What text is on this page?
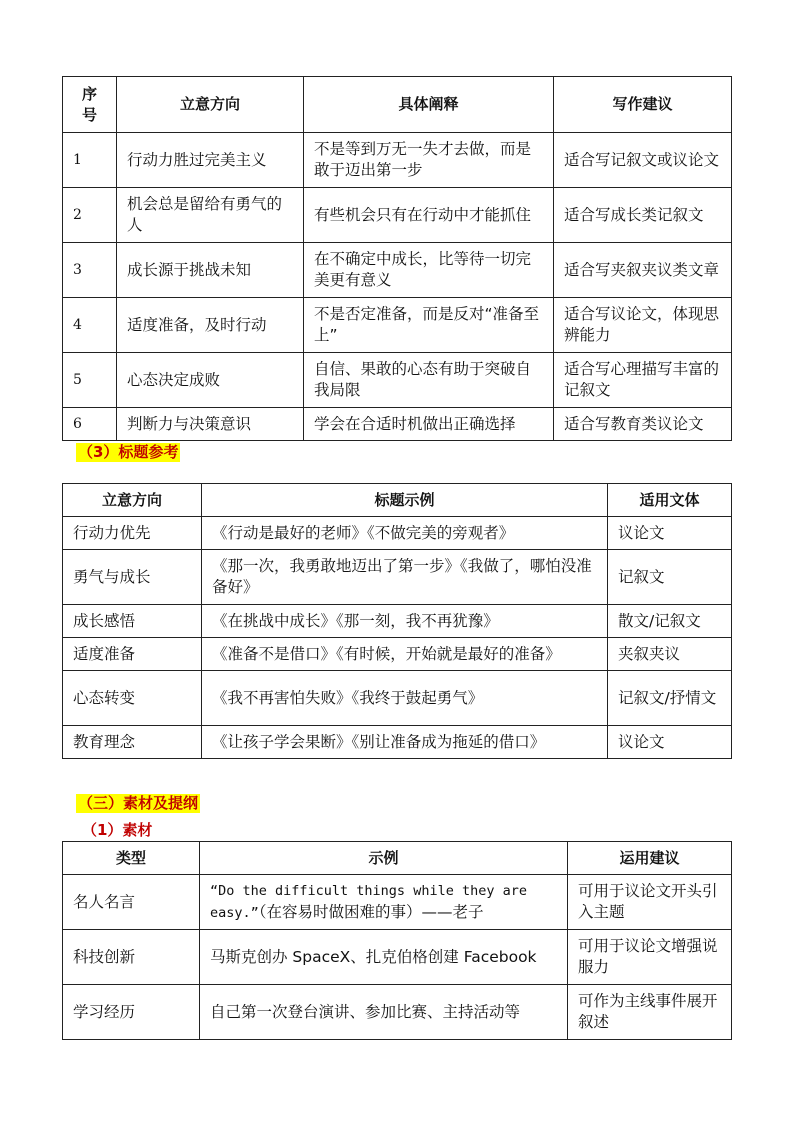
序号	立意方向	具体阐释	写作建议
1	行动力胜过完美主义	不是等到万无一失才去做，而是敢于迈出第一步	适合写记叙文或议论文
2	机会总是留给有勇气的人	有些机会只有在行动中才能抓住	适合写成长类记叙文
3	成长源于挑战未知	在不确定中成长，比等待一切完美更有意义	适合写夹叙夹议类文章
4	适度准备，及时行动	不是否定准备，而是反对“准备至上”	适合写议论文，体现思辨能力
5	心态决定成败	自信、果敢的心态有助于突破自我局限	适合写心理描写丰富的记叙文
6	判断力与决策意识	学会在合适时机做出正确选择	适合写教育类议论文
（3）标题参考
立意方向	标题示例	适用文体
行动力优先	《行动是最好的老师》《不做完美的旁观者》	议论文
勇气与成长	《那一次，我勇敢地迈出了第一步》《我做了，哪怕没准备好》	记叙文
成长感悟	《在挑战中成长》《那一刻，我不再犹豫》	散文/记叙文
适度准备	《准备不是借口》《有时候，开始就是最好的准备》	夹叙夹议
心态转变	《我不再害怕失败》《我终于鼓起勇气》	记叙文/抒情文
教育理念	《让孩子学会果断》《别让准备成为拖延的借口》	议论文
（三）素材及提纲
（1）素材
类型	示例	运用建议
名人名言	“Do the difficult things while they are easy.”（在容易时做困难的事）——老子	可用于议论文开头引入主题
科技创新	马斯克创办 SpaceX、扎克伯格创建 Facebook	可用于议论文增强说服力
学习经历	自己第一次登台演讲、参加比赛、主持活动等	可作为主线事件展开叙述
